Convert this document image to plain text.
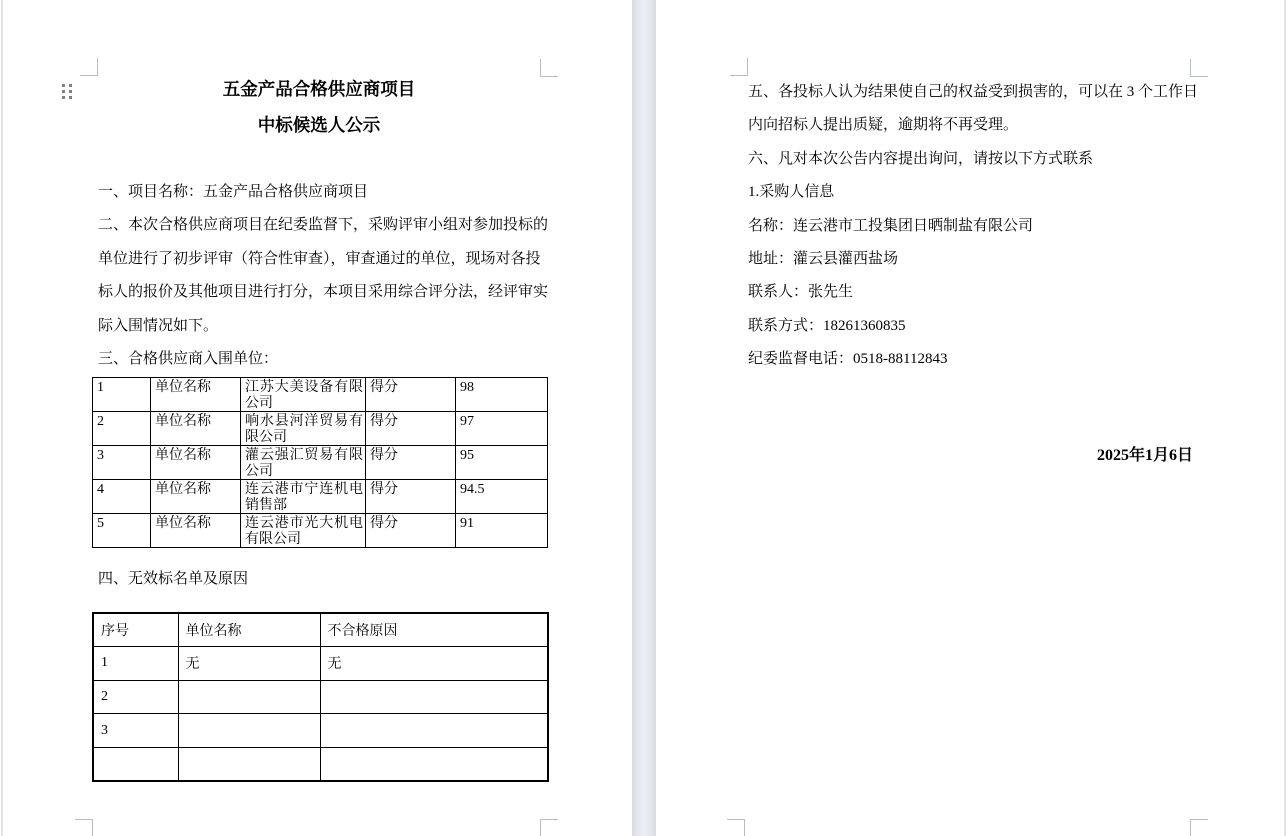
五金产品合格供应商项目
中标候选人公示
一、项目名称：五金产品合格供应商项目
二、本次合格供应商项目在纪委监督下，采购评审小组对参加投标的
单位进行了初步评审（符合性审查），审查通过的单位，现场对各投
标人的报价及其他项目进行打分，本项目采用综合评分法，经评审实
际入围情况如下。
三、合格供应商入围单位：
1	单位名称	江苏大美设备有限公司	得分	98
2	单位名称	响水县河洋贸易有限公司	得分	97
3	单位名称	灌云强汇贸易有限公司	得分	95
4	单位名称	连云港市宁连机电销售部	得分	94.5
5	单位名称	连云港市光大机电有限公司	得分	91
四、无效标名单及原因
序号	单位名称	不合格原因
1	无	无
2		
3		

五、各投标人认为结果使自己的权益受到损害的，可以在 3 个工作日
内向招标人提出质疑，逾期将不再受理。
六、凡对本次公告内容提出询问，请按以下方式联系
1.采购人信息
名称：连云港市工投集团日晒制盐有限公司
地址：灌云县灌西盐场
联系人：张先生
联系方式：18261360835
纪委监督电话：0518-88112843
2025年1月6日
